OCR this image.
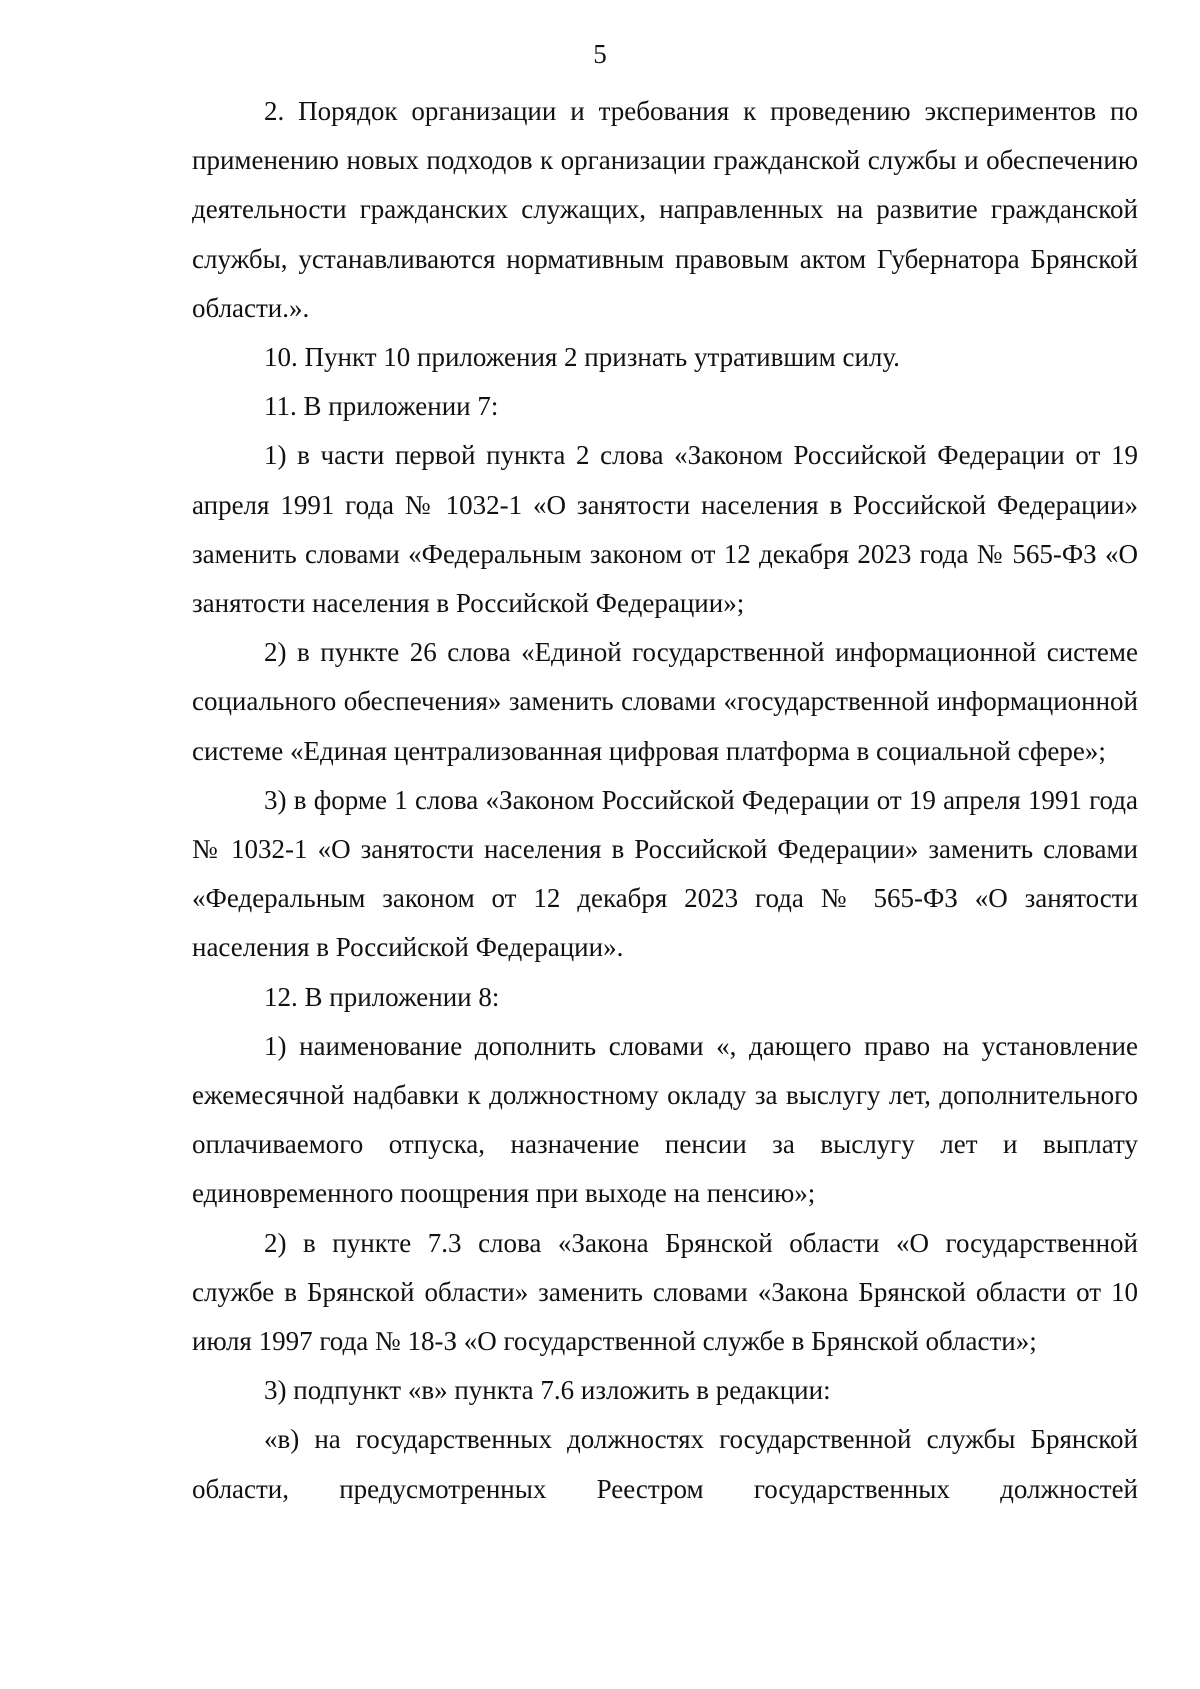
5

2. Порядок организации и требования к проведению экспериментов по применению новых подходов к организации гражданской службы и обеспечению деятельности гражданских служащих, направленных на развитие гражданской службы, устанавливаются нормативным правовым актом Губернатора Брянской области.».

10. Пункт 10 приложения 2 признать утратившим силу.

11. В приложении 7:

1) в части первой пункта 2 слова «Законом Российской Федерации от 19 апреля 1991 года № 1032-1 «О занятости населения в Российской Федерации» заменить словами «Федеральным законом от 12 декабря 2023 года № 565-ФЗ «О занятости населения в Российской Федерации»;

2) в пункте 26 слова «Единой государственной информационной системе социального обеспечения» заменить словами «государственной информационной системе «Единая централизованная цифровая платформа в социальной сфере»;

3) в форме 1 слова «Законом Российской Федерации от 19 апреля 1991 года № 1032-1 «О занятости населения в Российской Федерации» заменить словами «Федеральным законом от 12 декабря 2023 года № 565-ФЗ «О занятости населения в Российской Федерации».

12. В приложении 8:

1) наименование дополнить словами «, дающего право на установление ежемесячной надбавки к должностному окладу за выслугу лет, дополнительного оплачиваемого отпуска, назначение пенсии за выслугу лет и выплату единовременного поощрения при выходе на пенсию»;

2) в пункте 7.3 слова «Закона Брянской области «О государственной службе в Брянской области» заменить словами «Закона Брянской области от 10 июля 1997 года № 18-З «О государственной службе в Брянской области»;

3) подпункт «в» пункта 7.6 изложить в редакции:

«в) на государственных должностях государственной службы Брянской области, предусмотренных Реестром государственных должностей
